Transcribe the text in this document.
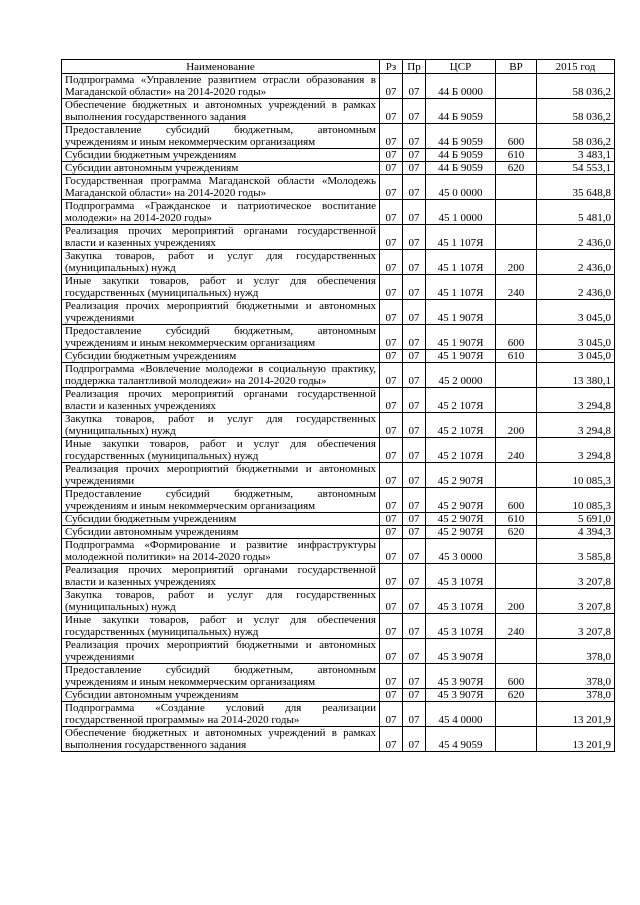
Наименование	Рз	Пр	ЦСР	ВР	2015 год
Подпрограмма «Управление развитием отрасли образования в Магаданской области» на 2014-2020 годы»	07	07	44 Б 0000		58 036,2
Обеспечение бюджетных и автономных учреждений в рамках выполнения государственного задания	07	07	44 Б 9059		58 036,2
Предоставление субсидий бюджетным, автономным учреждениям и иным некоммерческим организациям	07	07	44 Б 9059	600	58 036,2
Субсидии бюджетным учреждениям	07	07	44 Б 9059	610	3 483,1
Субсидии автономным учреждениям	07	07	44 Б 9059	620	54 553,1
Государственная программа Магаданской области «Молодежь Магаданской области» на 2014-2020 годы»	07	07	45 0 0000		35 648,8
Подпрограмма «Гражданское и патриотическое воспитание молодежи» на 2014-2020 годы»	07	07	45 1 0000		5 481,0
Реализация прочих мероприятий органами государственной власти и казенных учреждениях	07	07	45 1 107Я		2 436,0
Закупка товаров, работ и услуг для государственных (муниципальных) нужд	07	07	45 1 107Я	200	2 436,0
Иные закупки товаров, работ и услуг для обеспечения государственных (муниципальных) нужд	07	07	45 1 107Я	240	2 436,0
Реализация прочих мероприятий бюджетными и автономных учреждениями	07	07	45 1 907Я		3 045,0
Предоставление субсидий бюджетным, автономным учреждениям и иным некоммерческим организациям	07	07	45 1 907Я	600	3 045,0
Субсидии бюджетным учреждениям	07	07	45 1 907Я	610	3 045,0
Подпрограмма «Вовлечение молодежи в социальную практику, поддержка талантливой молодежи» на 2014-2020 годы»	07	07	45 2 0000		13 380,1
Реализация прочих мероприятий органами государственной власти и казенных учреждениях	07	07	45 2 107Я		3 294,8
Закупка товаров, работ и услуг для государственных (муниципальных) нужд	07	07	45 2 107Я	200	3 294,8
Иные закупки товаров, работ и услуг для обеспечения государственных (муниципальных) нужд	07	07	45 2 107Я	240	3 294,8
Реализация прочих мероприятий бюджетными и автономных учреждениями	07	07	45 2 907Я		10 085,3
Предоставление субсидий бюджетным, автономным учреждениям и иным некоммерческим организациям	07	07	45 2 907Я	600	10 085,3
Субсидии бюджетным учреждениям	07	07	45 2 907Я	610	5 691,0
Субсидии автономным учреждениям	07	07	45 2 907Я	620	4 394,3
Подпрограмма «Формирование и развитие инфраструктуры молодежной политики» на 2014-2020 годы»	07	07	45 3 0000		3 585,8
Реализация прочих мероприятий органами государственной власти и казенных учреждениях	07	07	45 3 107Я		3 207,8
Закупка товаров, работ и услуг для государственных (муниципальных) нужд	07	07	45 3 107Я	200	3 207,8
Иные закупки товаров, работ и услуг для обеспечения государственных (муниципальных) нужд	07	07	45 3 107Я	240	3 207,8
Реализация прочих мероприятий бюджетными и автономных учреждениями	07	07	45 3 907Я		378,0
Предоставление субсидий бюджетным, автономным учреждениям и иным некоммерческим организациям	07	07	45 3 907Я	600	378,0
Субсидии автономным учреждениям	07	07	45 3 907Я	620	378,0
Подпрограмма «Создание условий для реализации государственной программы» на 2014-2020 годы»	07	07	45 4 0000		13 201,9
Обеспечение бюджетных и автономных учреждений в рамках выполнения государственного задания	07	07	45 4 9059		13 201,9
